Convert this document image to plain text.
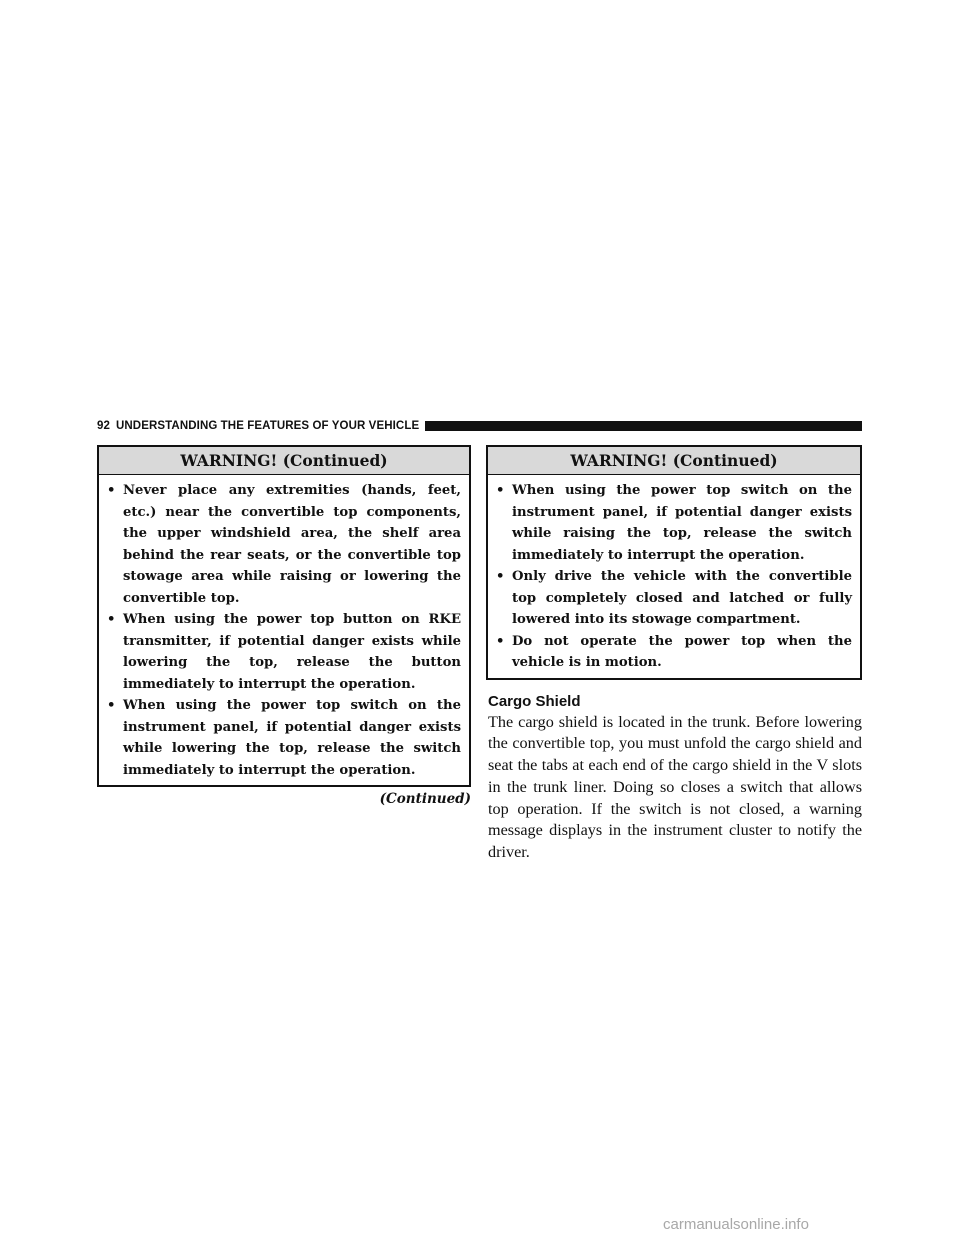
92 UNDERSTANDING THE FEATURES OF YOUR VEHICLE
WARNING! (Continued)
• Never place any extremities (hands, feet, etc.) near the convertible top components, the upper windshield area, the shelf area behind the rear seats, or the convertible top stowage area while raising or lowering the convertible top.
• When using the power top button on RKE transmitter, if potential danger exists while lowering the top, release the button immediately to interrupt the operation.
• When using the power top switch on the instrument panel, if potential danger exists while lowering the top, release the switch immediately to interrupt the operation.
(Continued)
WARNING! (Continued)
• When using the power top switch on the instrument panel, if potential danger exists while raising the top, release the switch immediately to interrupt the operation.
• Only drive the vehicle with the convertible top completely closed and latched or fully lowered into its stowage compartment.
• Do not operate the power top when the vehicle is in motion.
Cargo Shield

The cargo shield is located in the trunk. Before lowering the convertible top, you must unfold the cargo shield and seat the tabs at each end of the cargo shield in the V slots in the trunk liner. Doing so closes a switch that allows top operation. If the switch is not closed, a warning message displays in the instrument cluster to notify the driver.

carmanualsonline.info
